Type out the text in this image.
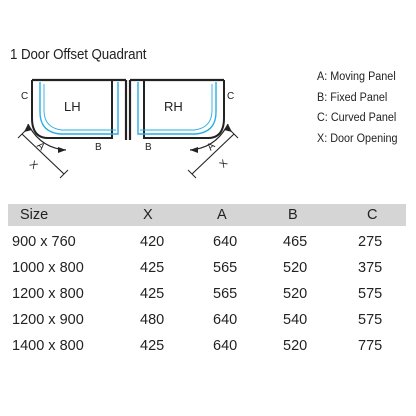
1 Door Offset Quadrant
LH
C
A
X
B
RH
C
A
X
B
A: Moving Panel
B: Fixed Panel
C: Curved Panel
X: Door Opening
Size	X	A	B	C
900 x 760	420	640	465	275
1000 x 800	425	565	520	375
1200 x 800	425	565	520	575
1200 x 900	480	640	540	575
1400 x 800	425	640	520	775
